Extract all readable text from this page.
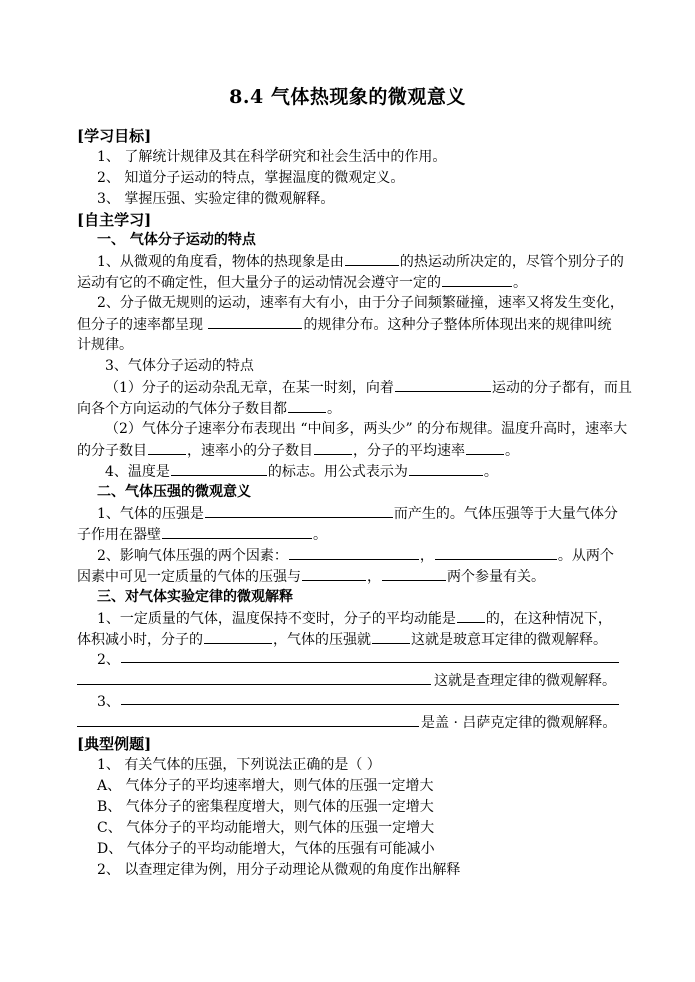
8.4 气体热现象的微观意义
[学习目标]
1、 了解统计规律及其在科学研究和社会生活中的作用。
2、 知道分子运动的特点，掌握温度的微观定义。
3、 掌握压强、实验定律的微观解释。
[自主学习]
一、 气体分子运动的特点
1、从微观的角度看，物体的热现象是由	的热运动所决定的，尽管个别分子的
运动有它的不确定性，但大量分子的运动情况会遵守一定的	。
2、分子做无规则的运动，速率有大有小，由于分子间频繁碰撞，速率又将发生变化，
但分子的速率都呈现	的规律分布。这种分子整体所体现出来的规律叫统
计规律。
3、气体分子运动的特点
（1）分子的运动杂乱无章，在某一时刻，向着	运动的分子都有，而且
向各个方向运动的气体分子数目都	。
（2）气体分子速率分布表现出 “中间多，两头少” 的分布规律。温度升高时，速率大
的分子数目	，速率小的分子数目	，分子的平均速率	。
4、温度是	的标志。用公式表示为	。
二、气体压强的微观意义
1、气体的压强是	而产生的。气体压强等于大量气体分
子作用在器壁	。
2、影响气体压强的两个因素：	，	。从两个
因素中可见一定质量的气体的压强与	，	两个参量有关。
三、对气体实验定律的微观解释
1、一定质量的气体，温度保持不变时，分子的平均动能是 的，在这种情况下，
体积减小时，分子的	，气体的压强就	这就是玻意耳定律的微观解释。
2、
这就是查理定律的微观解释。
3、
是盖 · 吕萨克定律的微观解释。
[典型例题]
1、 有关气体的压强，下列说法正确的是（ ）
A、 气体分子的平均速率增大，则气体的压强一定增大
B、 气体分子的密集程度增大，则气体的压强一定增大
C、 气体分子的平均动能增大，则气体的压强一定增大
D、 气体分子的平均动能增大，气体的压强有可能减小
2、 以查理定律为例，用分子动理论从微观的角度作出解释
